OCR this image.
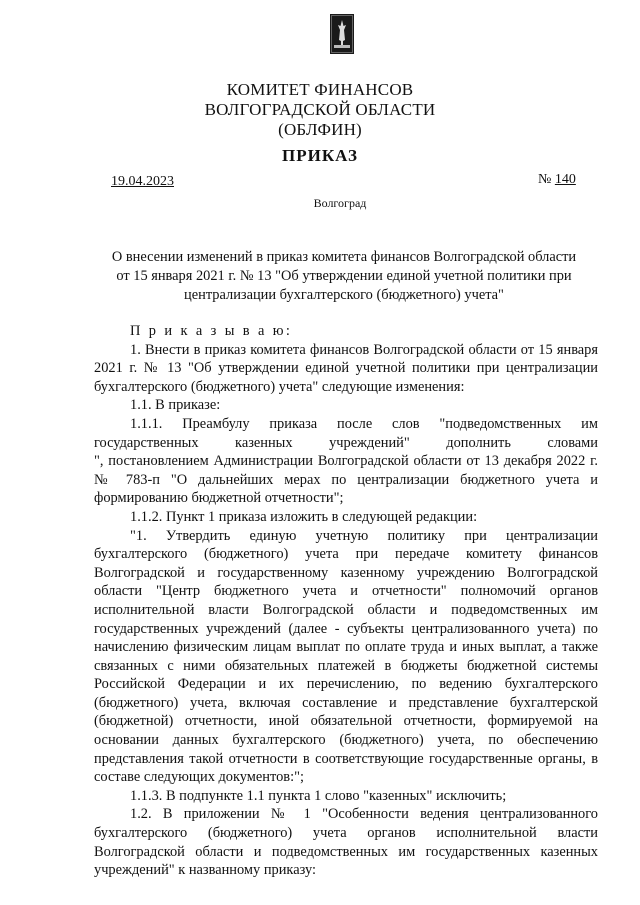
КОМИТЕТ ФИНАНСОВ
ВОЛГОГРАДСКОЙ ОБЛАСТИ
(ОБЛФИН)
ПРИКАЗ
19.04.2023	№ 140
Волгоград
О внесении изменений в приказ комитета финансов Волгоградской области
от 15 января 2021 г. № 13 "Об утверждении единой учетной политики при
централизации бухгалтерского (бюджетного) учета"

П р и к а з ы в а ю:

1. Внести в приказ комитета финансов Волгоградской области от 15 января 2021 г. № 13 "Об утверждении единой учетной политики при централизации бухгалтерского (бюджетного) учета" следующие изменения:

1.1. В приказе:

1.1.1. Преамбулу приказа после слов "подведомственных им

государственных казенных учреждений" дополнить словами

", постановлением Администрации Волгоградской области от 13 декабря 2022 г. № 783-п "О дальнейших мерах по централизации бюджетного учета и формированию бюджетной отчетности";

1.1.2. Пункт 1 приказа изложить в следующей редакции:

"1. Утвердить единую учетную политику при централизации бухгалтерского (бюджетного) учета при передаче комитету финансов Волгоградской и государственному казенному учреждению Волгоградской области "Центр бюджетного учета и отчетности" полномочий органов исполнительной власти Волгоградской области и подведомственных им государственных учреждений (далее - субъекты централизованного учета) по начислению физическим лицам выплат по оплате труда и иных выплат, а также связанных с ними обязательных платежей в бюджеты бюджетной системы Российской Федерации и их перечислению, по ведению бухгалтерского (бюджетного) учета, включая составление и представление бухгалтерской (бюджетной) отчетности, иной обязательной отчетности, формируемой на основании данных бухгалтерского (бюджетного) учета, по обеспечению представления такой отчетности в соответствующие государственные органы, в составе следующих документов:";

1.1.3. В подпункте 1.1 пункта 1 слово "казенных" исключить;

1.2. В приложении № 1 "Особенности ведения централизованного бухгалтерского (бюджетного) учета органов исполнительной власти Волгоградской области и подведомственных им государственных казенных учреждений" к названному приказу:
